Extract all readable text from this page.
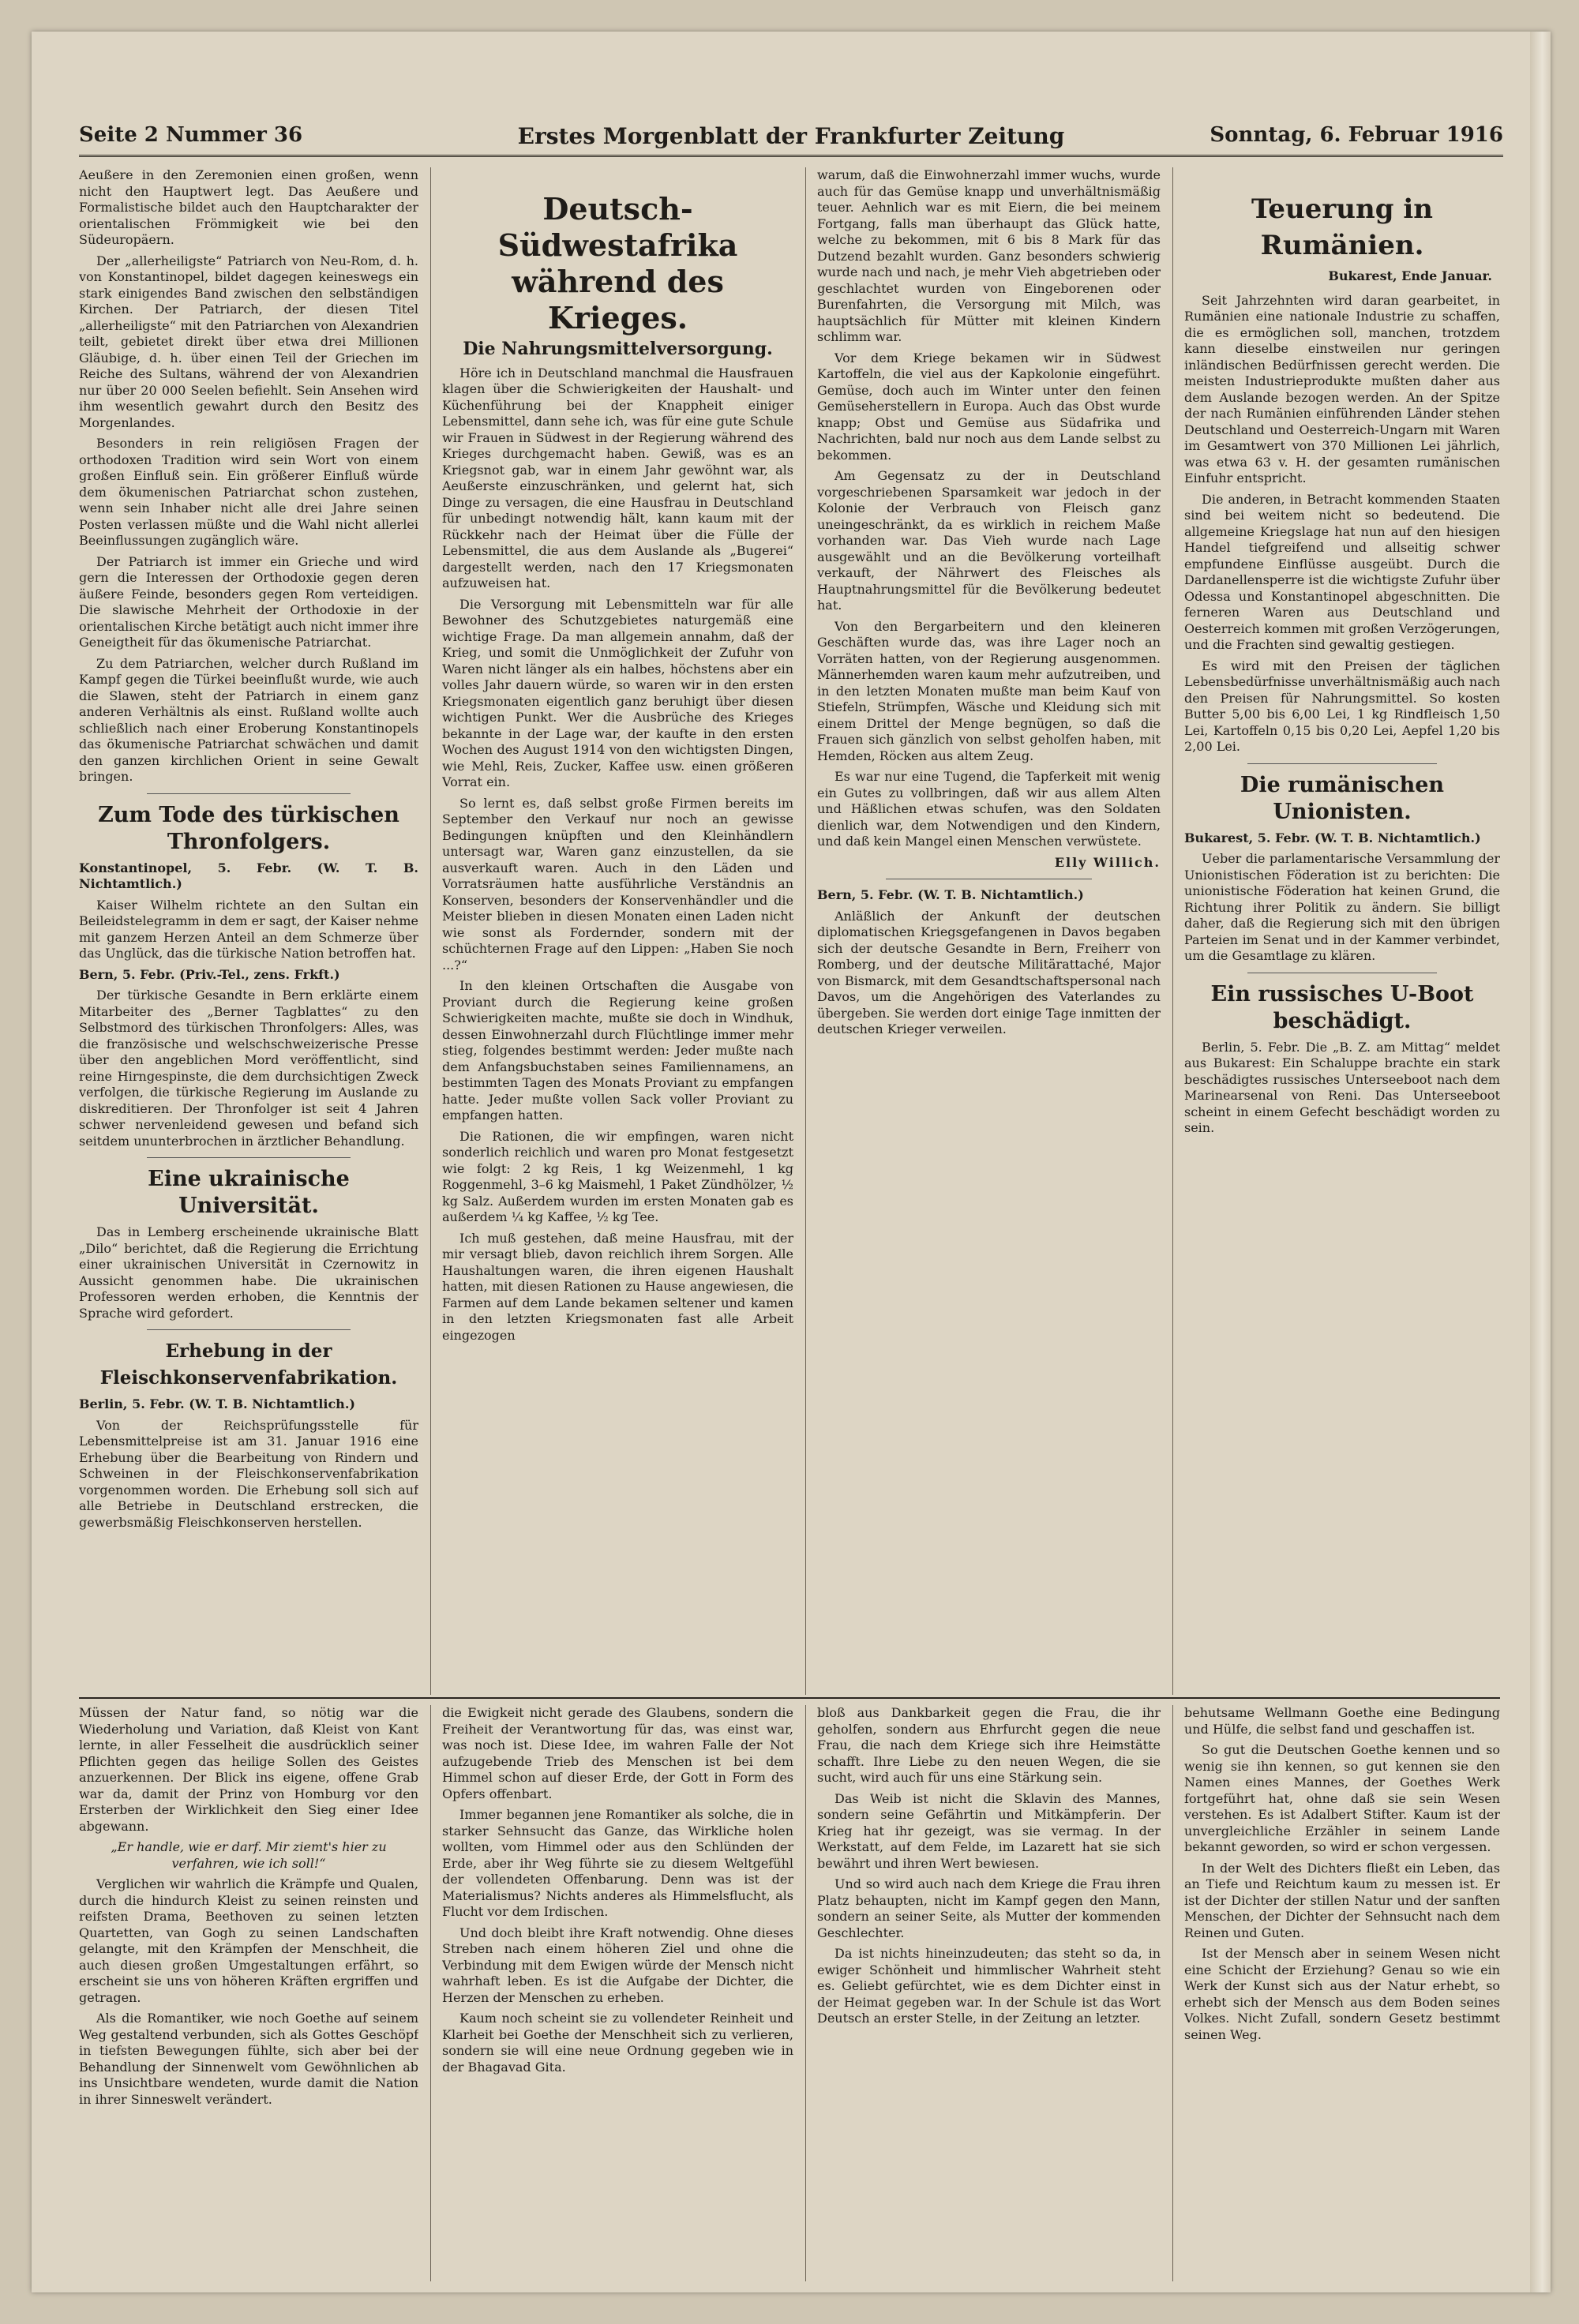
Seite 2 Nummer 36	Erstes Morgenblatt der Frankfurter Zeitung	Sonntag, 6. Februar 1916

Aeußere in den Zeremonien einen großen, wenn nicht den Hauptwert legt. Das Aeußere und Formalistische bildet auch den Hauptcharakter der orientalischen Frömmigkeit wie bei den Südeuropäern.

Der „allerheiligste“ Patriarch von Neu-Rom, d. h. von Konstantinopel, bildet dagegen keineswegs ein stark einigendes Band zwischen den selbständigen Kirchen. Der Patriarch, der diesen Titel „allerheiligste“ mit den Patriarchen von Alexandrien teilt, gebietet direkt über etwa drei Millionen Gläubige, d. h. über einen Teil der Griechen im Reiche des Sultans, während der von Alexandrien nur über 20 000 Seelen befiehlt. Sein Ansehen wird ihm wesentlich gewahrt durch den Besitz des Morgenlandes.

Besonders in rein religiösen Fragen der orthodoxen Tradition wird sein Wort von einem großen Einfluß sein. Ein größerer Einfluß würde dem ökumenischen Patriarchat schon zustehen, wenn sein Inhaber nicht alle drei Jahre seinen Posten verlassen müßte und die Wahl nicht allerlei Beeinflussungen zugänglich wäre.

Der Patriarch ist immer ein Grieche und wird gern die Interessen der Orthodoxie gegen deren äußere Feinde, besonders gegen Rom verteidigen. Die slawische Mehrheit der Orthodoxie in der orientalischen Kirche betätigt auch nicht immer ihre Geneigtheit für das ökumenische Patriarchat.

Zu dem Patriarchen, welcher durch Rußland im Kampf gegen die Türkei beeinflußt wurde, wie auch die Slawen, steht der Patriarch in einem ganz anderen Verhältnis als einst. Rußland wollte auch schließlich nach einer Eroberung Konstantinopels das ökumenische Patriarchat schwächen und damit den ganzen kirchlichen Orient in seine Gewalt bringen.

Zum Tode des türkischen Thronfolgers.

Konstantinopel, 5. Febr. (W. T. B. Nichtamtlich.)

Kaiser Wilhelm richtete an den Sultan ein Beileidstelegramm in dem er sagt, der Kaiser nehme mit ganzem Herzen Anteil an dem Schmerze über das Unglück, das die türkische Nation betroffen hat.

Bern, 5. Febr. (Priv.-Tel., zens. Frkft.)

Der türkische Gesandte in Bern erklärte einem Mitarbeiter des „Berner Tagblattes“ zu den Selbstmord des türkischen Thronfolgers: Alles, was die französische und welschschweizerische Presse über den angeblichen Mord veröffentlicht, sind reine Hirngespinste, die dem durchsichtigen Zweck verfolgen, die türkische Regierung im Auslande zu diskreditieren. Der Thronfolger ist seit 4 Jahren schwer nervenleidend gewesen und befand sich seitdem ununterbrochen in ärztlicher Behandlung.

Eine ukrainische Universität.

Das in Lemberg erscheinende ukrainische Blatt „Dilo“ berichtet, daß die Regierung die Errichtung einer ukrainischen Universität in Czernowitz in Aussicht genommen habe. Die ukrainischen Professoren werden erhoben, die Kenntnis der Sprache wird gefordert.

Erhebung in der Fleischkonservenfabrikation.

Berlin, 5. Febr. (W. T. B. Nichtamtlich.)

Von der Reichsprüfungsstelle für Lebensmittelpreise ist am 31. Januar 1916 eine Erhebung über die Bearbeitung von Rindern und Schweinen in der Fleischkonservenfabrikation vorgenommen worden. Die Erhebung soll sich auf alle Betriebe in Deutschland erstrecken, die gewerbsmäßig Fleischkonserven herstellen.

Deutsch-Südwestafrika während des Krieges.
Die Nahrungsmittelversorgung.

Höre ich in Deutschland manchmal die Hausfrauen klagen über die Schwierigkeiten der Haushalt- und Küchenführung bei der Knappheit einiger Lebensmittel, dann sehe ich, was für eine gute Schule wir Frauen in Südwest in der Regierung während des Krieges durchgemacht haben. Gewiß, was es an Kriegsnot gab, war in einem Jahr gewöhnt war, als Aeußerste einzuschränken, und gelernt hat, sich Dinge zu versagen, die eine Hausfrau in Deutschland für unbedingt notwendig hält, kann kaum mit der Rückkehr nach der Heimat über die Fülle der Lebensmittel, die aus dem Auslande als „Bugerei“ dargestellt werden, nach den 17 Kriegsmonaten aufzuweisen hat.

Die Versorgung mit Lebensmitteln war für alle Bewohner des Schutzgebietes naturgemäß eine wichtige Frage. Da man allgemein annahm, daß der Krieg, und somit die Unmöglichkeit der Zufuhr von Waren nicht länger als ein halbes, höchstens aber ein volles Jahr dauern würde, so waren wir in den ersten Kriegsmonaten eigentlich ganz beruhigt über diesen wichtigen Punkt. Wer die Ausbrüche des Krieges bekannte in der Lage war, der kaufte in den ersten Wochen des August 1914 von den wichtigsten Dingen, wie Mehl, Reis, Zucker, Kaffee usw. einen größeren Vorrat ein.

So lernt es, daß selbst große Firmen bereits im September den Verkauf nur noch an gewisse Bedingungen knüpften und den Kleinhändlern untersagt war, Waren ganz einzustellen, da sie ausverkauft waren. Auch in den Läden und Vorratsräumen hatte ausführliche Verständnis an Konserven, besonders der Konservenhändler und die Meister blieben in diesen Monaten einen Laden nicht wie sonst als Fordernder, sondern mit der schüchternen Frage auf den Lippen: „Haben Sie noch ...?“

In den kleinen Ortschaften die Ausgabe von Proviant durch die Regierung keine großen Schwierigkeiten machte, mußte sie doch in Windhuk, dessen Einwohnerzahl durch Flüchtlinge immer mehr stieg, folgendes bestimmt werden: Jeder mußte nach dem Anfangsbuchstaben seines Familiennamens, an bestimmten Tagen des Monats Proviant zu empfangen hatte. Jeder mußte vollen Sack voller Proviant zu empfangen hatten.

Die Rationen, die wir empfingen, waren nicht sonderlich reichlich und waren pro Monat festgesetzt wie folgt: 2 kg Reis, 1 kg Weizenmehl, 1 kg Roggenmehl, 3–6 kg Maismehl, 1 Paket Zündhölzer, ½ kg Salz. Außerdem wurden im ersten Monaten gab es außerdem ¼ kg Kaffee, ½ kg Tee.

Ich muß gestehen, daß meine Hausfrau, mit der mir versagt blieb, davon reichlich ihrem Sorgen. Alle Haushaltungen waren, die ihren eigenen Haushalt hatten, mit diesen Rationen zu Hause angewiesen, die Farmen auf dem Lande bekamen seltener und kamen in den letzten Kriegsmonaten fast alle Arbeit eingezogen

warum, daß die Einwohnerzahl immer wuchs, wurde auch für das Gemüse knapp und unverhältnismäßig teuer. Aehnlich war es mit Eiern, die bei meinem Fortgang, falls man überhaupt das Glück hatte, welche zu bekommen, mit 6 bis 8 Mark für das Dutzend bezahlt wurden. Ganz besonders schwierig wurde nach und nach, je mehr Vieh abgetrieben oder geschlachtet wurden von Eingeborenen oder Burenfahrten, die Versorgung mit Milch, was hauptsächlich für Mütter mit kleinen Kindern schlimm war.

Vor dem Kriege bekamen wir in Südwest Kartoffeln, die viel aus der Kapkolonie eingeführt. Gemüse, doch auch im Winter unter den feinen Gemüseherstellern in Europa. Auch das Obst wurde knapp; Obst und Gemüse aus Südafrika und Nachrichten, bald nur noch aus dem Lande selbst zu bekommen.

Am Gegensatz zu der in Deutschland vorgeschriebenen Sparsamkeit war jedoch in der Kolonie der Verbrauch von Fleisch ganz uneingeschränkt, da es wirklich in reichem Maße vorhanden war. Das Vieh wurde nach Lage ausgewählt und an die Bevölkerung vorteilhaft verkauft, der Nährwert des Fleisches als Hauptnahrungsmittel für die Bevölkerung bedeutet hat.

Von den Bergarbeitern und den kleineren Geschäften wurde das, was ihre Lager noch an Vorräten hatten, von der Regierung ausgenommen. Männerhemden waren kaum mehr aufzutreiben, und in den letzten Monaten mußte man beim Kauf von Stiefeln, Strümpfen, Wäsche und Kleidung sich mit einem Drittel der Menge begnügen, so daß die Frauen sich gänzlich von selbst geholfen haben, mit Hemden, Röcken aus altem Zeug.

Es war nur eine Tugend, die Tapferkeit mit wenig ein Gutes zu vollbringen, daß wir aus allem Alten und Häßlichen etwas schufen, was den Soldaten dienlich war, dem Notwendigen und den Kindern, und daß kein Mangel einen Menschen verwüstete.

Elly Willich.

Bern, 5. Febr. (W. T. B. Nichtamtlich.)

Anläßlich der Ankunft der deutschen diplomatischen Kriegsgefangenen in Davos begaben sich der deutsche Gesandte in Bern, Freiherr von Romberg, und der deutsche Militärattaché, Major von Bismarck, mit dem Gesandtschaftspersonal nach Davos, um die Angehörigen des Vaterlandes zu übergeben. Sie werden dort einige Tage inmitten der deutschen Krieger verweilen.

Teuerung in Rumänien.
Bukarest, Ende Januar.

Seit Jahrzehnten wird daran gearbeitet, in Rumänien eine nationale Industrie zu schaffen, die es ermöglichen soll, manchen, trotzdem kann dieselbe einstweilen nur geringen inländischen Bedürfnissen gerecht werden. Die meisten Industrieprodukte mußten daher aus dem Auslande bezogen werden. An der Spitze der nach Rumänien einführenden Länder stehen Deutschland und Oesterreich-Ungarn mit Waren im Gesamtwert von 370 Millionen Lei jährlich, was etwa 63 v. H. der gesamten rumänischen Einfuhr entspricht.

Die anderen, in Betracht kommenden Staaten sind bei weitem nicht so bedeutend. Die allgemeine Kriegslage hat nun auf den hiesigen Handel tiefgreifend und allseitig schwer empfundene Einflüsse ausgeübt. Durch die Dardanellensperre ist die wichtigste Zufuhr über Odessa und Konstantinopel abgeschnitten. Die ferneren Waren aus Deutschland und Oesterreich kommen mit großen Verzögerungen, und die Frachten sind gewaltig gestiegen.

Es wird mit den Preisen der täglichen Lebensbedürfnisse unverhältnismäßig auch nach den Preisen für Nahrungsmittel. So kosten Butter 5,00 bis 6,00 Lei, 1 kg Rindfleisch 1,50 Lei, Kartoffeln 0,15 bis 0,20 Lei, Aepfel 1,20 bis 2,00 Lei.

Die rumänischen Unionisten.

Bukarest, 5. Febr. (W. T. B. Nichtamtlich.)

Ueber die parlamentarische Versammlung der Unionistischen Föderation ist zu berichten: Die unionistische Föderation hat keinen Grund, die Richtung ihrer Politik zu ändern. Sie billigt daher, daß die Regierung sich mit den übrigen Parteien im Senat und in der Kammer verbindet, um die Gesamtlage zu klären.

Ein russisches U-Boot beschädigt.

Berlin, 5. Febr. Die „B. Z. am Mittag“ meldet aus Bukarest: Ein Schaluppe brachte ein stark beschädigtes russisches Unterseeboot nach dem Marinearsenal von Reni. Das Unterseeboot scheint in einem Gefecht beschädigt worden zu sein.

Müssen der Natur fand, so nötig war die Wiederholung und Variation, daß Kleist von Kant lernte, in aller Fesselheit die ausdrücklich seiner Pflichten gegen das heilige Sollen des Geistes anzuerkennen. Der Blick ins eigene, offene Grab war da, damit der Prinz von Homburg vor den Ersterben der Wirklichkeit den Sieg einer Idee abgewann.

„Er handle, wie er darf. Mir ziemt's hier zu verfahren, wie ich soll!“

Verglichen wir wahrlich die Krämpfe und Qualen, durch die hindurch Kleist zu seinen reinsten und reifsten Drama, Beethoven zu seinen letzten Quartetten, van Gogh zu seinen Landschaften gelangte, mit den Krämpfen der Menschheit, die auch diesen großen Umgestaltungen erfährt, so erscheint sie uns von höheren Kräften ergriffen und getragen.

Als die Romantiker, wie noch Goethe auf seinem Weg gestaltend verbunden, sich als Gottes Geschöpf in tiefsten Bewegungen fühlte, sich aber bei der Behandlung der Sinnenwelt vom Gewöhnlichen ab ins Unsichtbare wendeten, wurde damit die Nation in ihrer Sinneswelt verändert.

die Ewigkeit nicht gerade des Glaubens, sondern die Freiheit der Verantwortung für das, was einst war, was noch ist. Diese Idee, im wahren Falle der Not aufzugebende Trieb des Menschen ist bei dem Himmel schon auf dieser Erde, der Gott in Form des Opfers offenbart.

Immer begannen jene Romantiker als solche, die in starker Sehnsucht das Ganze, das Wirkliche holen wollten, vom Himmel oder aus den Schlünden der Erde, aber ihr Weg führte sie zu diesem Weltgefühl der vollendeten Offenbarung. Denn was ist der Materialismus? Nichts anderes als Himmelsflucht, als Flucht vor dem Irdischen.

Und doch bleibt ihre Kraft notwendig. Ohne dieses Streben nach einem höheren Ziel und ohne die Verbindung mit dem Ewigen würde der Mensch nicht wahrhaft leben. Es ist die Aufgabe der Dichter, die Herzen der Menschen zu erheben.

Kaum noch scheint sie zu vollendeter Reinheit und Klarheit bei Goethe der Menschheit sich zu verlieren, sondern sie will eine neue Ordnung gegeben wie in der Bhagavad Gita.

bloß aus Dankbarkeit gegen die Frau, die ihr geholfen, sondern aus Ehrfurcht gegen die neue Frau, die nach dem Kriege sich ihre Heimstätte schafft. Ihre Liebe zu den neuen Wegen, die sie sucht, wird auch für uns eine Stärkung sein.

Das Weib ist nicht die Sklavin des Mannes, sondern seine Gefährtin und Mitkämpferin. Der Krieg hat ihr gezeigt, was sie vermag. In der Werkstatt, auf dem Felde, im Lazarett hat sie sich bewährt und ihren Wert bewiesen.

Und so wird auch nach dem Kriege die Frau ihren Platz behaupten, nicht im Kampf gegen den Mann, sondern an seiner Seite, als Mutter der kommenden Geschlechter.

Da ist nichts hineinzudeuten; das steht so da, in ewiger Schönheit und himmlischer Wahrheit steht es. Geliebt gefürchtet, wie es dem Dichter einst in der Heimat gegeben war. In der Schule ist das Wort Deutsch an erster Stelle, in der Zeitung an letzter.

behutsame Wellmann Goethe eine Bedingung und Hülfe, die selbst fand und geschaffen ist.

So gut die Deutschen Goethe kennen und so wenig sie ihn kennen, so gut kennen sie den Namen eines Mannes, der Goethes Werk fortgeführt hat, ohne daß sie sein Wesen verstehen. Es ist Adalbert Stifter. Kaum ist der unvergleichliche Erzähler in seinem Lande bekannt geworden, so wird er schon vergessen.

In der Welt des Dichters fließt ein Leben, das an Tiefe und Reichtum kaum zu messen ist. Er ist der Dichter der stillen Natur und der sanften Menschen, der Dichter der Sehnsucht nach dem Reinen und Guten.

Ist der Mensch aber in seinem Wesen nicht eine Schicht der Erziehung? Genau so wie ein Werk der Kunst sich aus der Natur erhebt, so erhebt sich der Mensch aus dem Boden seines Volkes. Nicht Zufall, sondern Gesetz bestimmt seinen Weg.
